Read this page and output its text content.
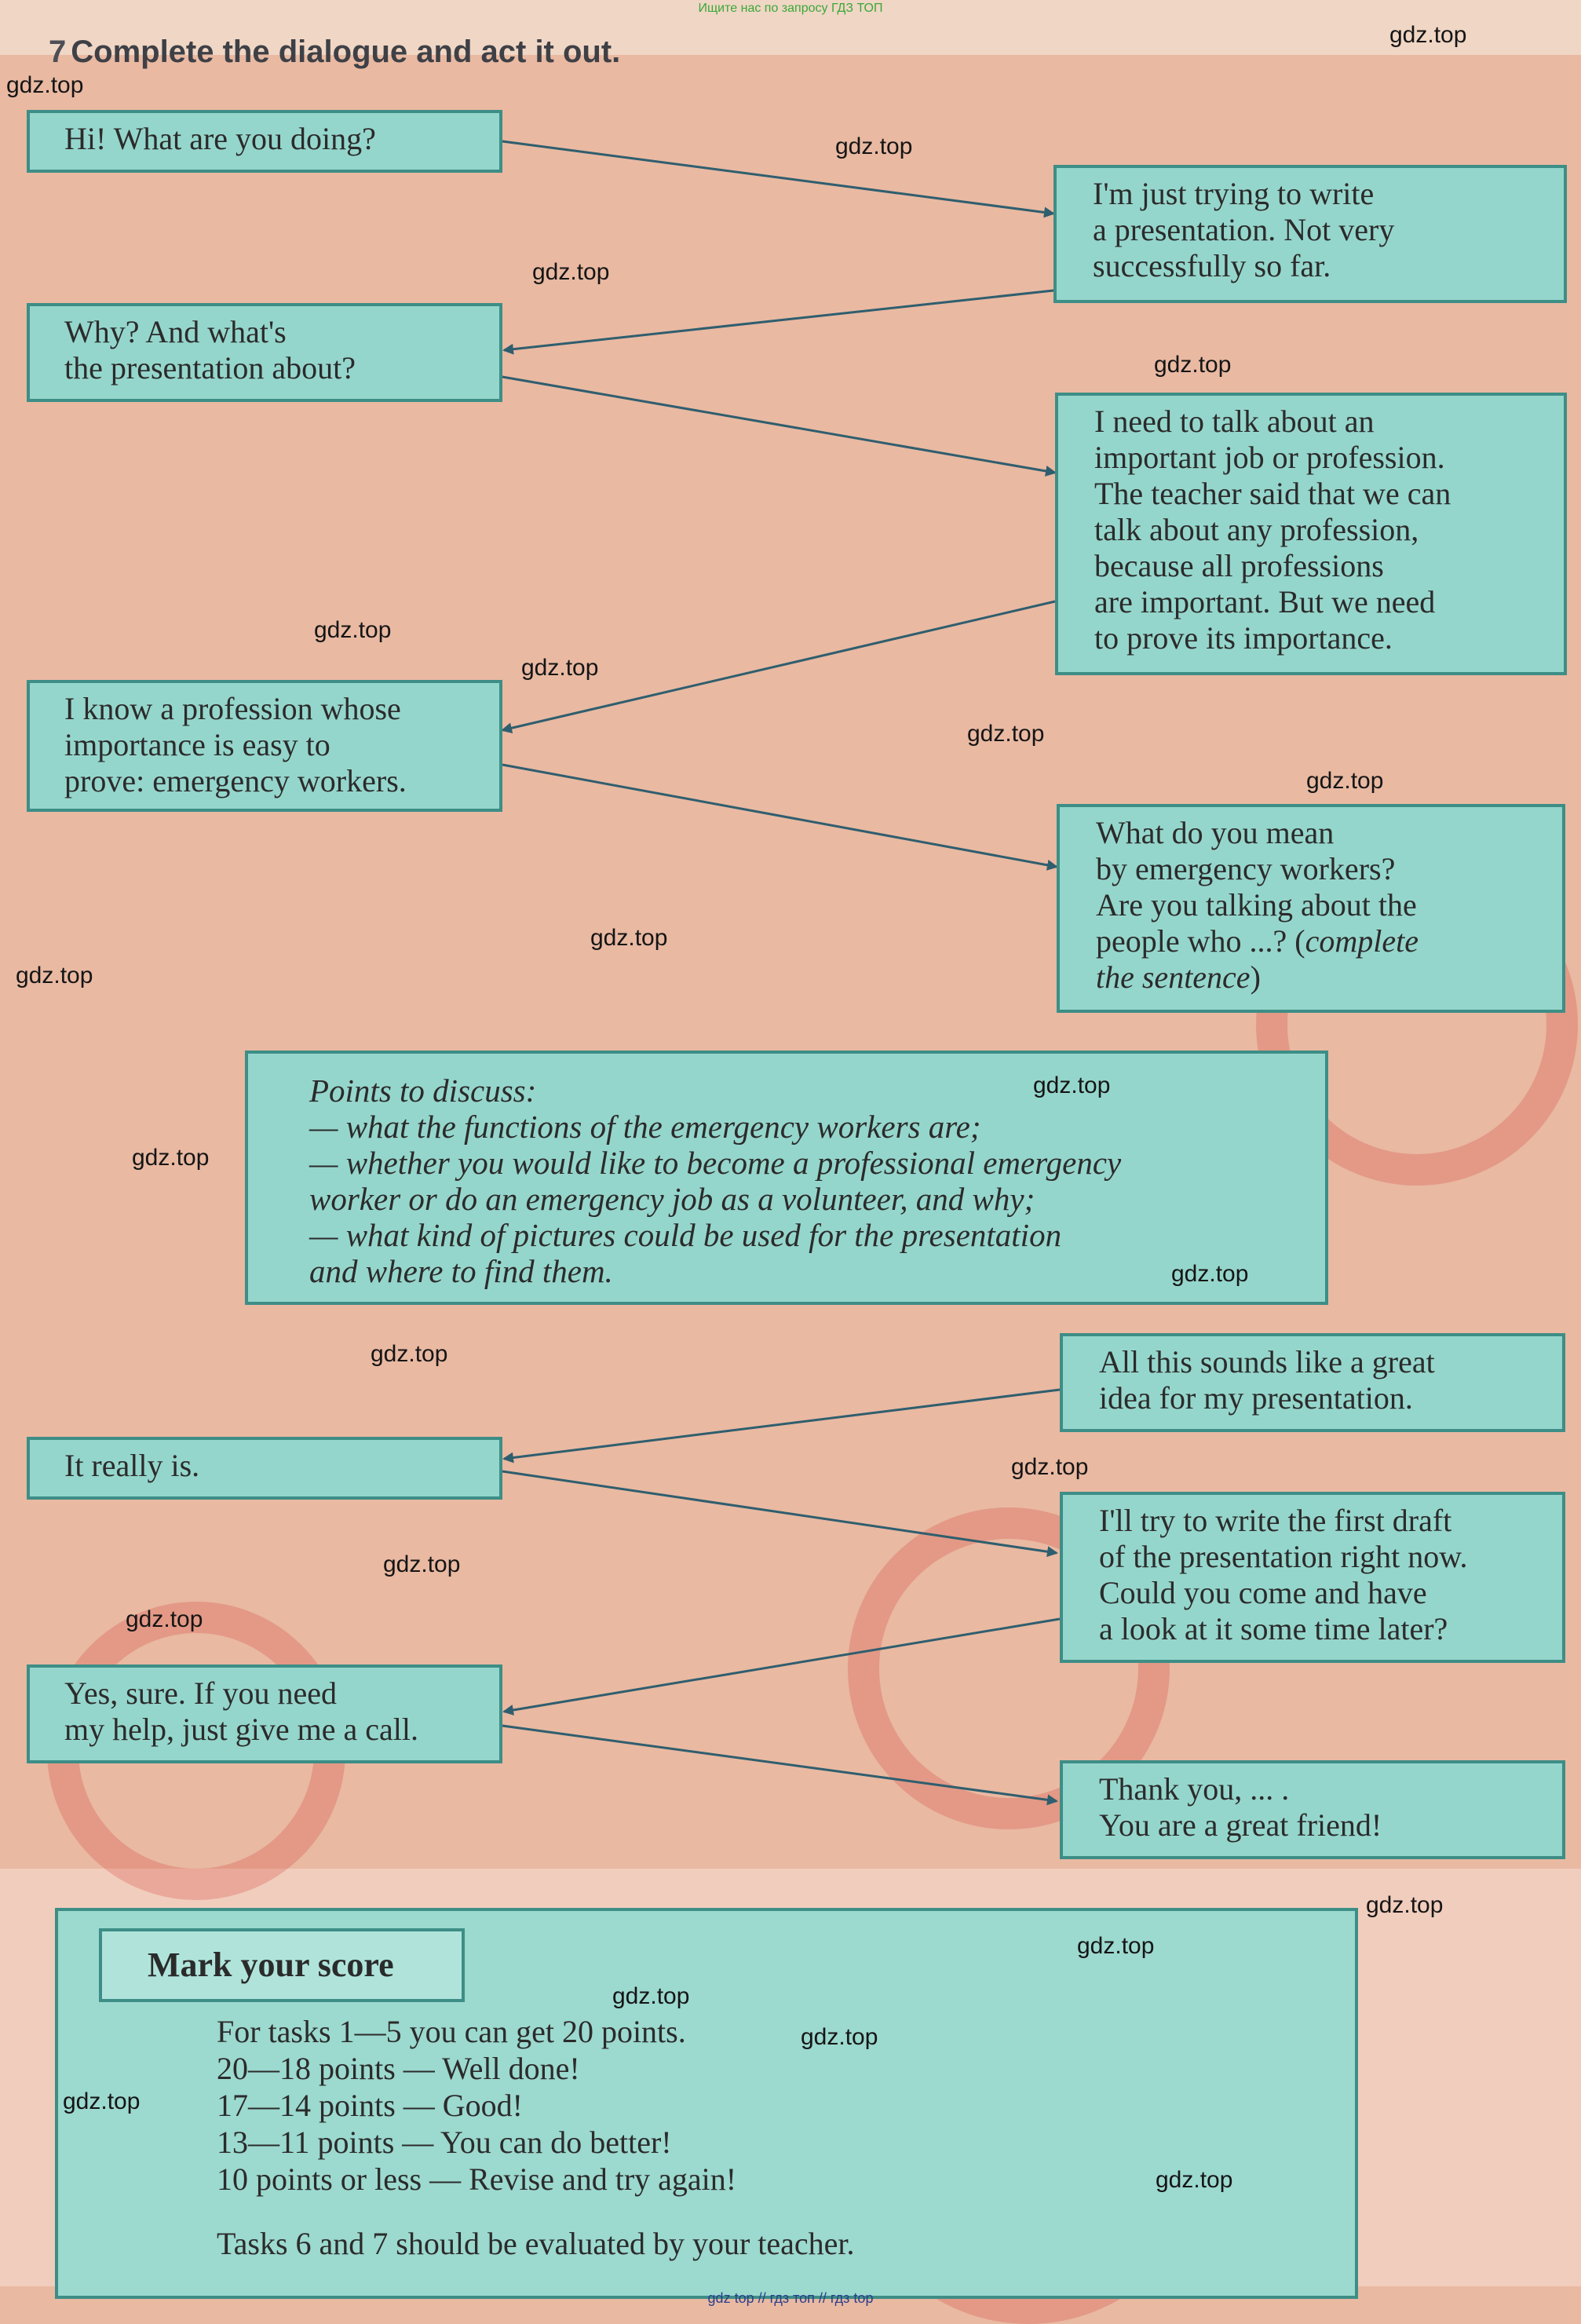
Ищите нас по запросу ГДЗ ТОП
7 Complete the dialogue and act it out.
Hi! What are you doing?
I'm just trying to write
a presentation. Not very
successfully so far.
Why? And what's
the presentation about?
I need to talk about an
important job or profession.
The teacher said that we can
talk about any profession,
because all professions
are important. But we need
to prove its importance.
I know a profession whose
importance is easy to
prove: emergency workers.
What do you mean
by emergency workers?
Are you talking about the
people who ...? (complete
the sentence)
Points to discuss:
— what the functions of the emergency workers are;
— whether you would like to become a professional emergency
worker or do an emergency job as a volunteer, and why;
— what kind of pictures could be used for the presentation
and where to find them.
All this sounds like a great
idea for my presentation.
It really is.
I'll try to write the first draft
of the presentation right now.
Could you come and have
a look at it some time later?
Yes, sure. If you need
my help, just give me a call.
Thank you, ... .
You are a great friend!
Mark your score
For tasks 1—5 you can get 20 points.
20—18 points — Well done!
17—14 points — Good!
13—11 points — You can do better!
10 points or less — Revise and try again!
Tasks 6 and 7 should be evaluated by your teacher.
gdz.top
gdz.top
gdz.top
gdz.top
gdz.top
gdz.top
gdz.top
gdz.top
gdz.top
gdz.top
gdz.top
gdz.top
gdz.top
gdz.top
gdz.top
gdz.top
gdz.top
gdz.top
gdz.top
gdz.top
gdz.top
gdz.top
gdz.top
gdz.top
gdz top // гдз топ // гдз top
